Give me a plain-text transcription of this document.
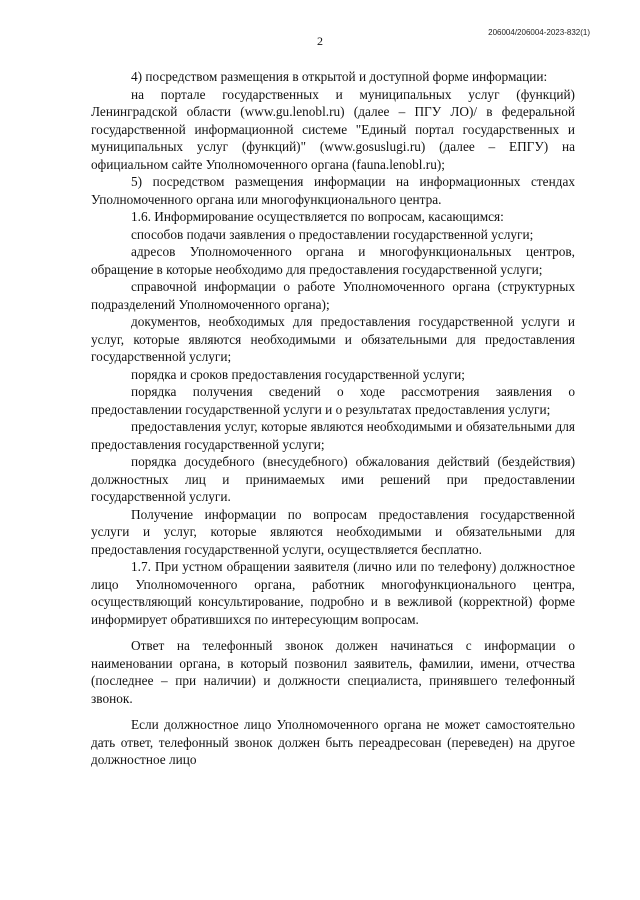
206004/206004-2023-832(1)
2

4) посредством размещения в открытой и доступной форме информации:

на портале государственных и муниципальных услуг (функций) Ленинградской области (www.gu.lenobl.ru) (далее – ПГУ ЛО)/ в федеральной государственной информационной системе "Единый портал государственных и муниципальных услуг (функций)" (www.gosuslugi.ru) (далее – ЕПГУ) на официальном сайте Уполномоченного органа (fauna.lenobl.ru);

5) посредством размещения информации на информационных стендах Уполномоченного органа или многофункционального центра.

1.6. Информирование осуществляется по вопросам, касающимся:

способов подачи заявления о предоставлении государственной услуги;

адресов Уполномоченного органа и многофункциональных центров, обращение в которые необходимо для предоставления государственной услуги;

справочной информации о работе Уполномоченного органа (структурных подразделений Уполномоченного органа);

документов, необходимых для предоставления государственной услуги и услуг, которые являются необходимыми и обязательными для предоставления государственной услуги;

порядка и сроков предоставления государственной услуги;

порядка получения сведений о ходе рассмотрения заявления о предоставлении государственной услуги и о результатах предоставления услуги;

предоставления услуг, которые являются необходимыми и обязательными для предоставления государственной услуги;

порядка досудебного (внесудебного) обжалования действий (бездействия) должностных лиц и принимаемых ими решений при предоставлении государственной услуги.

Получение информации по вопросам предоставления государственной услуги и услуг, которые являются необходимыми и обязательными для предоставления государственной услуги, осуществляется бесплатно.

1.7. При устном обращении заявителя (лично или по телефону) должностное лицо Уполномоченного органа, работник многофункционального центра, осуществляющий консультирование, подробно и в вежливой (корректной) форме информирует обратившихся по интересующим вопросам.

Ответ на телефонный звонок должен начинаться с информации о наименовании органа, в который позвонил заявитель, фамилии, имени, отчества (последнее – при наличии) и должности специалиста, принявшего телефонный звонок.

Если должностное лицо Уполномоченного органа не может самостоятельно дать ответ, телефонный звонок должен быть переадресован (переведен) на другое должностное лицо
